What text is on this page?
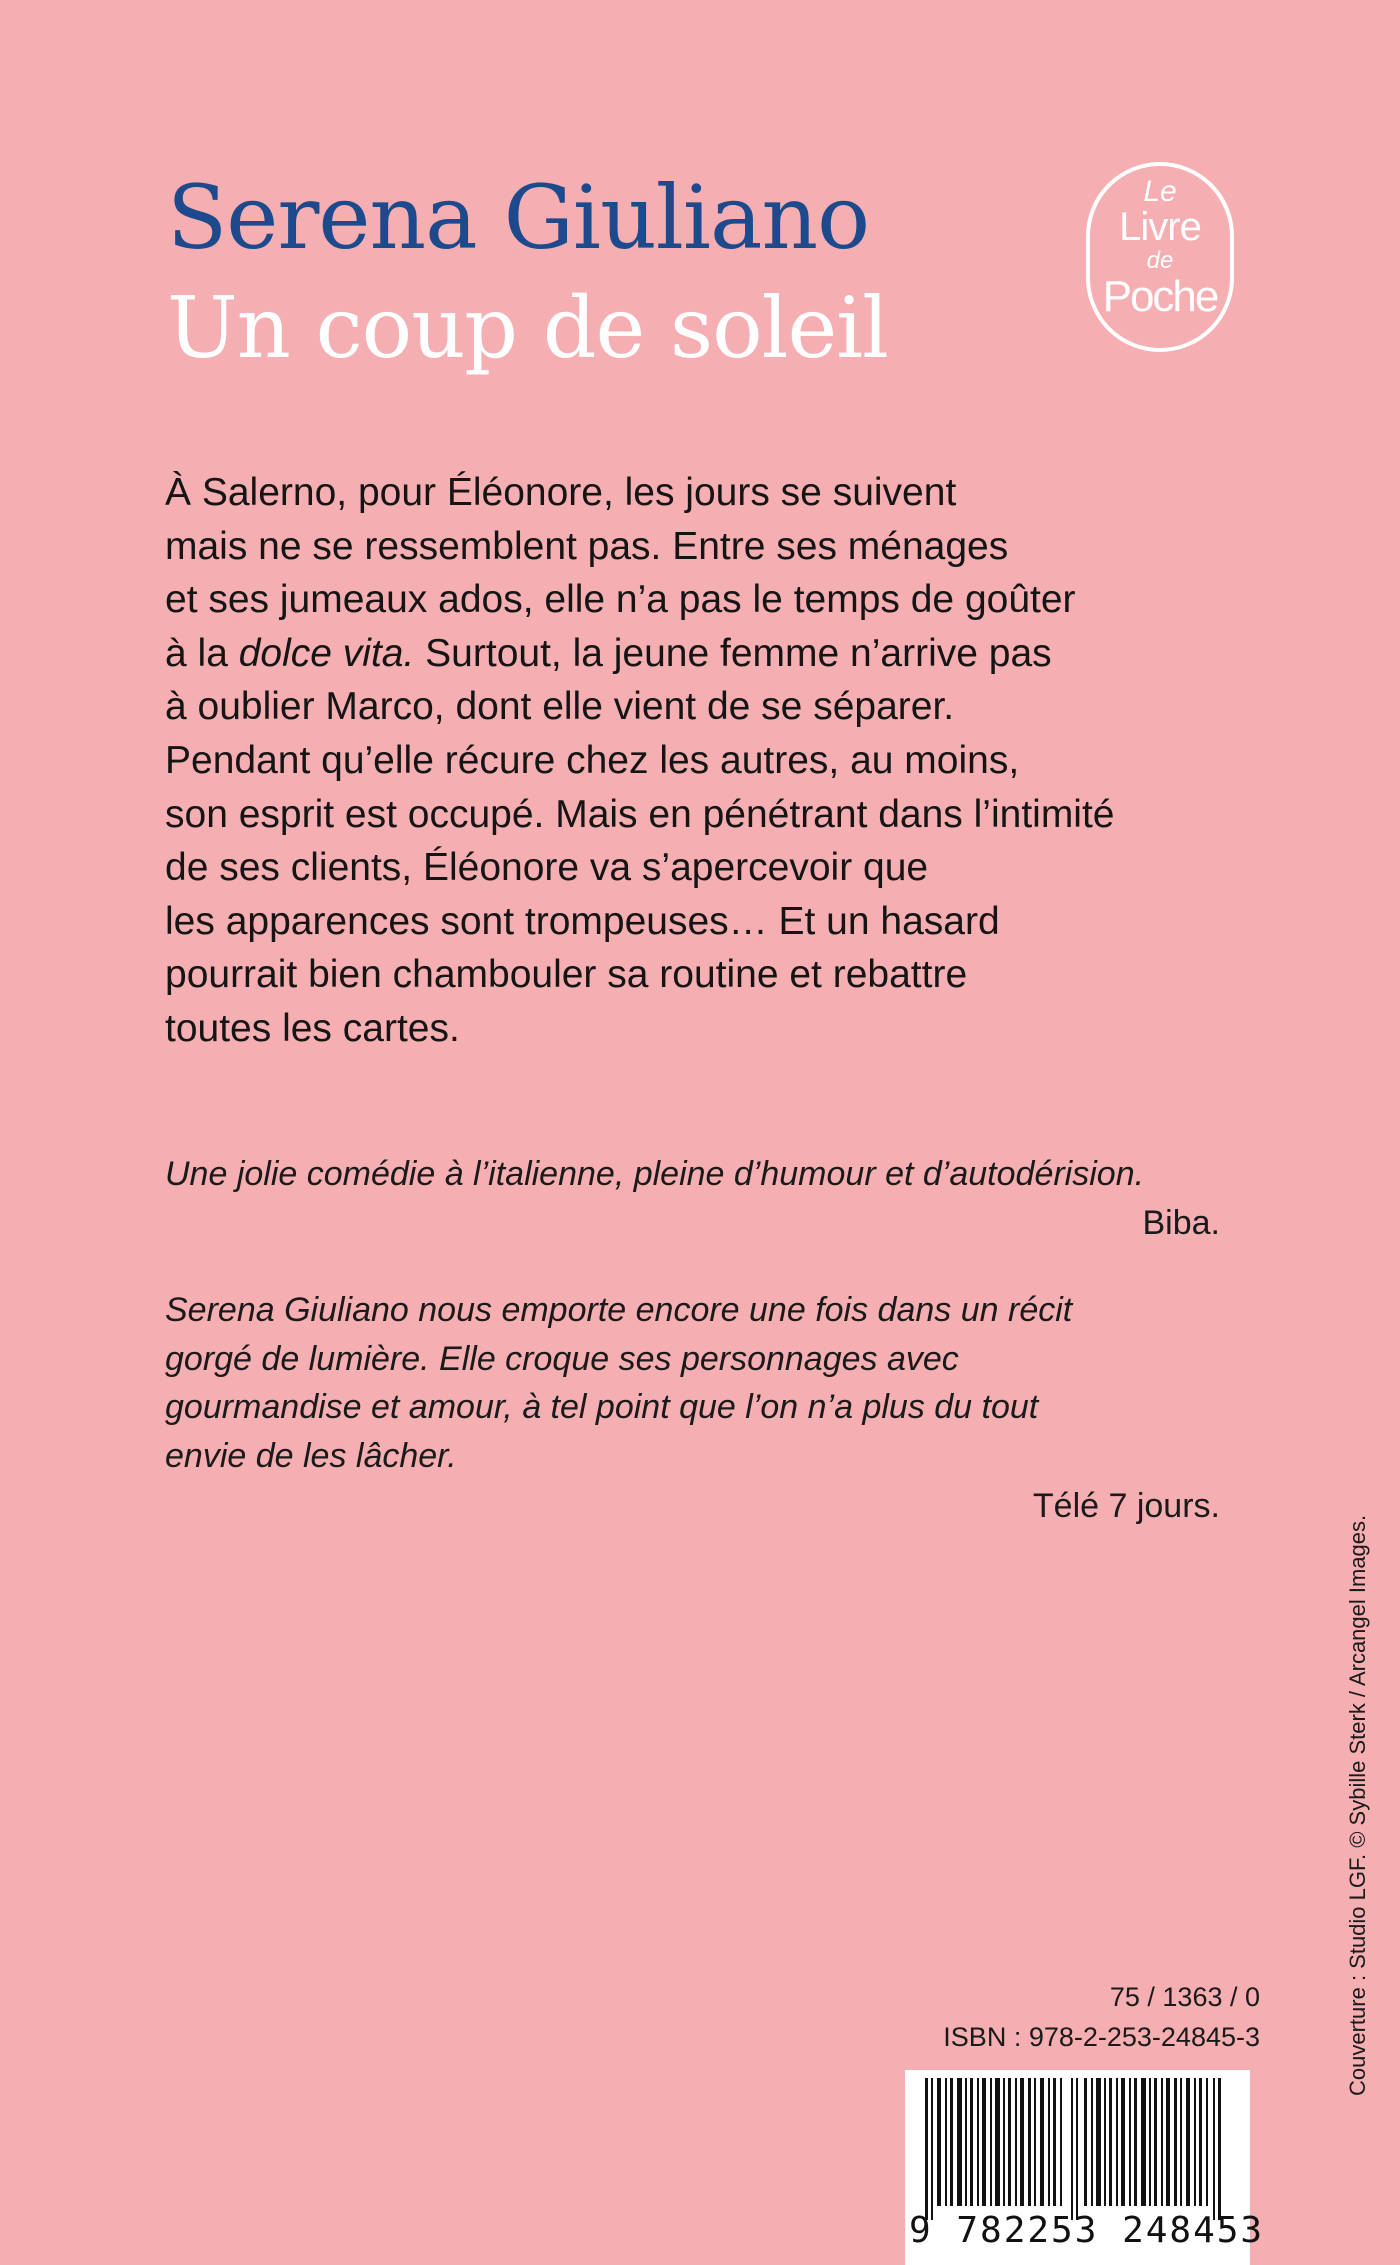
Serena Giuliano
Un coup de soleil
Le
Livre
de
Poche
À Salerno, pour Éléonore, les jours se suivent
mais ne se ressemblent pas. Entre ses ménages
et ses jumeaux ados, elle n’a pas le temps de goûter
à la dolce vita. Surtout, la jeune femme n’arrive pas
à oublier Marco, dont elle vient de se séparer.
Pendant qu’elle récure chez les autres, au moins,
son esprit est occupé. Mais en pénétrant dans l’intimité
de ses clients, Éléonore va s’apercevoir que
les apparences sont trompeuses… Et un hasard
pourrait bien chambouler sa routine et rebattre
toutes les cartes.
Une jolie comédie à l’italienne, pleine d’humour et d’autodérision.
Biba.
Serena Giuliano nous emporte encore une fois dans un récit
gorgé de lumière. Elle croque ses personnages avec
gourmandise et amour, à tel point que l’on n’a plus du tout
envie de les lâcher.
Télé 7 jours.
Couverture : Studio LGF. © Sybille Sterk / Arcangel Images.
75 / 1363 / 0
ISBN : 978-2-253-24845-3
9 782253 248453
